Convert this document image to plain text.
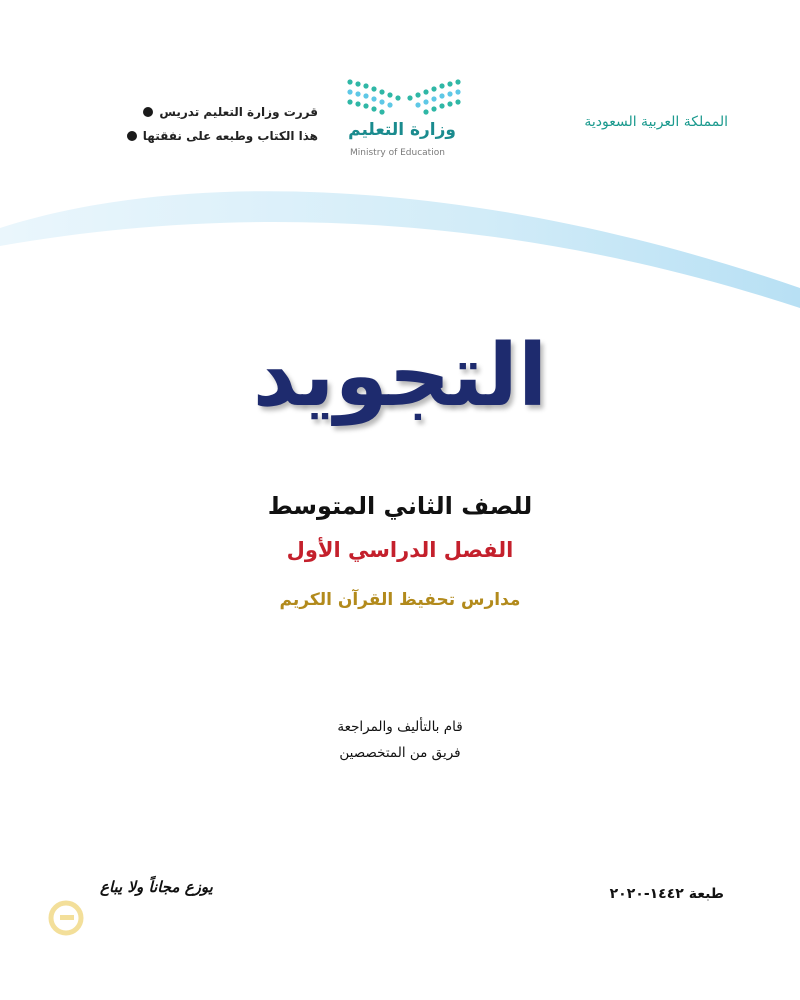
قررت وزارة التعليم تدريس
هذا الكتاب وطبعه على نفقتها وزارة التعليم
Ministry of Education
المملكة العربية السعودية
التجويد
للصف الثاني المتوسط
الفصل الدراسي الأول
مدارس تحفيظ القرآن الكريم
قام بالتأليف والمراجعة
فريق من المتخصصين
طبعة ١٤٤٢-٢٠٢٠
يوزع مجاناً ولا يباع
